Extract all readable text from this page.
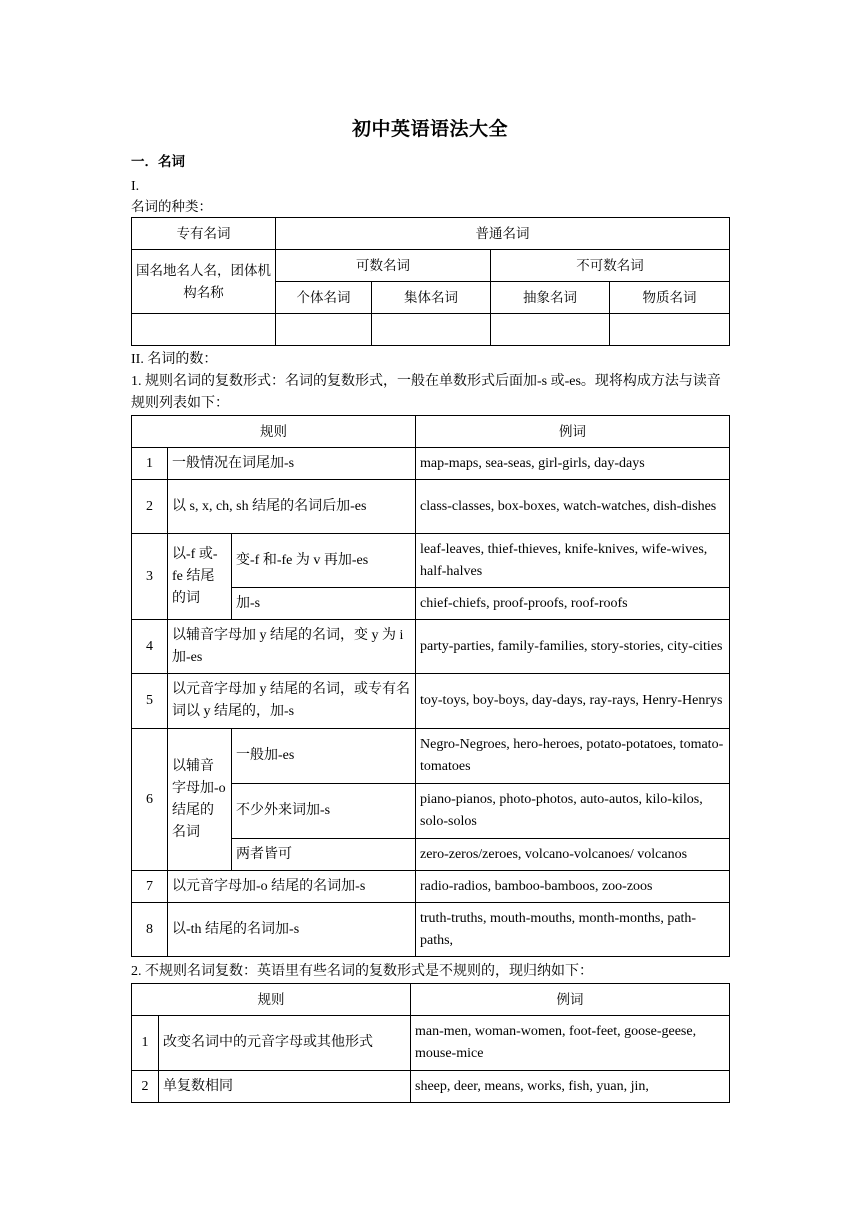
初中英语语法大全
一．名词
I.
名词的种类：
专有名词	普通名词			
国名地名人名，团体机构名称	可数名词		不可数名词	
	个体名词	集体名词	抽象名词	物质名词

II. 名词的数：
1. 规则名词的复数形式：名词的复数形式，一般在单数形式后面加-s 或-es。现将构成方法与读音规则列表如下：
规则			例词
1	一般情况在词尾加-s		map-maps, sea-seas, girl-girls, day-days
2	以 s, x, ch, sh 结尾的名词后加-es		class-classes, box-boxes, watch-watches, dish-dishes
3	以-f 或-fe 结尾的词	变-f 和-fe 为 v 再加-es	leaf-leaves, thief-thieves, knife-knives, wife-wives, half-halves
		加-s	chief-chiefs, proof-proofs, roof-roofs
4	以辅音字母加 y 结尾的名词，变 y 为 i 加-es		party-parties, family-families, story-stories, city-cities
5	以元音字母加 y 结尾的名词，或专有名词以 y 结尾的，加-s		toy-toys, boy-boys, day-days, ray-rays, Henry-Henrys
6	以辅音字母加-o 结尾的名词	一般加-es	Negro-Negroes, hero-heroes, potato-potatoes, tomato-tomatoes
		不少外来词加-s	piano-pianos, photo-photos, auto-autos, kilo-kilos, solo-solos
		两者皆可	zero-zeros/zeroes, volcano-volcanoes/ volcanos
7	以元音字母加-o 结尾的名词加-s		radio-radios, bamboo-bamboos, zoo-zoos
8	以-th 结尾的名词加-s		truth-truths, mouth-mouths, month-months, path-paths,
2. 不规则名词复数：英语里有些名词的复数形式是不规则的，现归纳如下：
规则		例词
1	改变名词中的元音字母或其他形式	man-men, woman-women, foot-feet, goose-geese, mouse-mice
2	单复数相同	sheep, deer, means, works, fish, yuan, jin,
